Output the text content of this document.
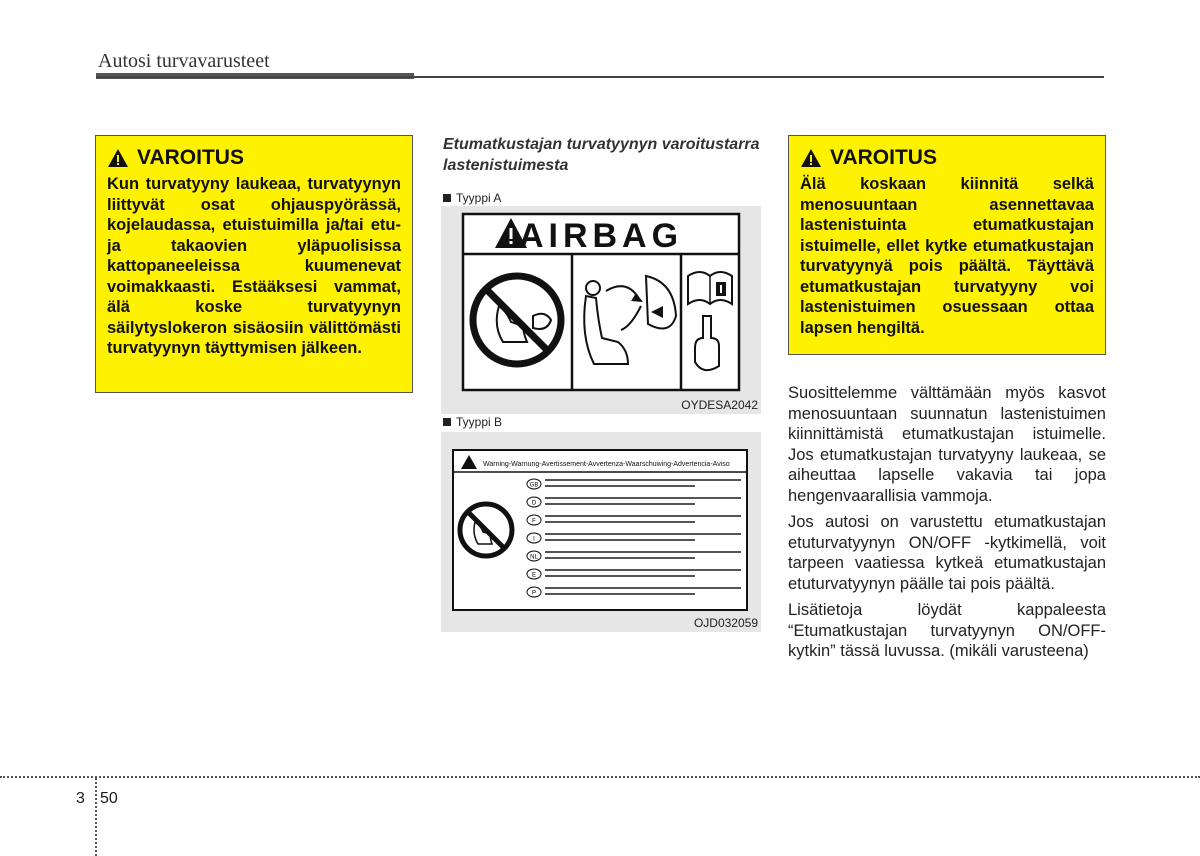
Autosi turvavarusteet
VAROITUS
Kun turvatyyny laukeaa, turvatyynyn liittyvät osat ohjauspyörässä, kojelaudassa, etuistuimilla ja/tai etu- ja takaovien yläpuolisissa kattopaneeleissa kuumenevat voimakkaasti. Estääksesi vammat, älä koske turvatyynyn säilytyslokeron sisäosiin välittömästi turvatyynyn täyttymisen jälkeen.
Etumatkustajan turvatyynyn varoitustarra lastenistuimesta
Tyyppi A
AIRBAG
OYDESA2042
Tyyppi B
Warning-Warnung-Avertissement-Avvertenza-Waarschuwing-Advertencia-Aviso
GB
D
F
I
NL
E
P
OJD032059
VAROITUS
Älä koskaan kiinnitä selkä menosuuntaan asennettavaa lastenistuinta etumatkustajan istuimelle, ellet kytke etumatkustajan turvatyynyä pois päältä. Täyttävä etumatkustajan turvatyyny voi lastenistuimen osuessaan ottaa lapsen hengiltä.

Suosittelemme välttämään myös kasvot menosuuntaan suunnatun lastenistuimen kiinnittämistä etumatkustajan istuimelle. Jos etumatkustajan turvatyyny laukeaa, se aiheuttaa lapselle vakavia tai jopa hengenvaarallisia vammoja.

Jos autosi on varustettu etumatkustajan etuturvatyynyn ON/OFF -kytkimellä, voit tarpeen vaatiessa kytkeä etumatkustajan etuturvatyynyn päälle tai pois päältä.

Lisätietoja löydät kappaleesta “Etumatkustajan turvatyynyn ON/OFF-kytkin” tässä luvussa. (mikäli varusteena)

3 50
